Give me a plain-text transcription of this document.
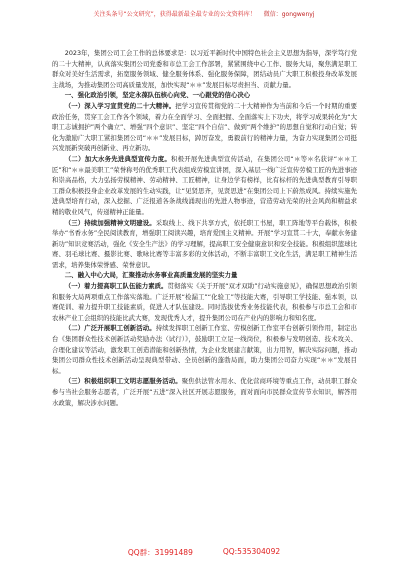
关注头条号“公文研究”，获得最新最全最专业的公文资料库！ 微信：gongwenyj

2023年，集团公司工会工作的总体要求是：以习近平新时代中国特色社会主义思想为指导，深学笃行党的二十大精神，认真落实集团公司党委和市总工会工作部署，紧紧围绕中心工作、服务大局，聚焦满足职工群众对美好生活需求，拓宽服务领域、健全服务体系、强化服务保障，团结动员广大职工积极投身改革发展主战场，为推动集团公司高质量发展，加快实现“＊＊”发展目标尽责担当、贡献力量。

一、强化政治引领，坚定永葆队伍核心向党、一心跟党的信心决心

（一）深入学习宣贯党的二十大精神。把学习宣传贯彻党的二十大精神作为当前和今后一个时期的重要政治任务，贯穿工会工作各个领域，着力在全面学习、全面把握、全面落实上下功夫，将学习成果转化为“大职工志诚拥护”两个确立”、增强“四个意识”、坚定“四个自信”、做到“两个维护”的思想自觉和行动自觉；转化为激励广大职工紧扣集团公司“＊＊”发展目标，踔厉奋发，勇毅前行的精神力量，为奋力实现集团公司挺兴发展新突破再创新业、再立新功。

（二）加大水务先进典型宣传力度。积极开展先进典型宣传活动，在集团公司“＊等＊名获评“＊＊工匠”和“＊＊最美职工”荣誉称号的优秀职工代表组成劳模宣讲团，深入基层一线广泛宣传劳模工匠的先进事迹和崇高品格，大力弘扬劳模精神、劳动精神、工匠精神，让身边学有榜样，比有标杆的先进典型教育引导职工群众积极投身企业改革发展的生动实践，让“见贤思齐，见贤思进”在集团公司上下蔚然成风。持续实施先进典型培育行动，深入挖掘、广泛报道各条战线涌现出的先进人物事迹，营造劳动光荣的社会风尚和精益求精的敬业风气，传递精神正能量。

（三）持续加强精神文明建设。采取线上、线下共享方式，依托职工书屋，职工阵地等平台载体，积极举办“书香水务”全民阅读教育，增强职工阅读兴趣，培育爱国主义精神。开展“学习宣贯二十大，奉献水务建新功”知识竞赛活动，强化《安全生产法》的学习理解，提高职工安全健康意识和安全技能。积极组织篮球比赛、羽毛球比赛、摄影比赛、歌咏比赛等丰富多彩的文体活动，不断丰富职工文化生活，满足职工精神生活需求，培养集体荣誉感、荣誉意识。

二、融入中心大局，汇聚推动水务事业高质量发展的坚实力量

（一）着力提高职工队伍能力素质。贯彻落实《关于开展“双才双助”行动实施意见》，确保思想政治引领和服务大局两项重点工作落实落地。广泛开展“检漏工”“化验工”等技能大赛，引导职工学技能、强本领，以赛促训、着力提升职工技能素质，促进人才队伍建设。同时选拔优秀业务技能代表，积极参与市总工会和市农林产业工会组织的技能比武大赛，发现优秀人才，提升集团公司在产业内的影响力和知名度。

（二）广泛开展职工创新活动。持续发挥职工创新工作室、劳模创新工作室平台创新引领作用，制定出台《集团群众性技术创新活动奖励办法（试行）》，鼓励职工立足一线岗位，积极参与发明创造、技术攻关、合理化建议等活动，激发职工创造潜能和创新热情，为企业发展建言献策，出力用智，解决实际问题，推动集团公司群众性技术创新活动呈现典型带动、全员创新的蓬勃局面，助力集团公司奋力实现“＊＊”发展目标。

（三）积极组织职工文明志愿服务活动。聚焦供法管水用水、优化营商环境等重点工作，动员职工群众参与当社会服务志愿者，广泛开展“五进”深入社区开展志愿服务，面对面向市民群众宣传节水知识，解答用水政策，解决涉水问题。

QQ群：31991489	QQ:535304092
